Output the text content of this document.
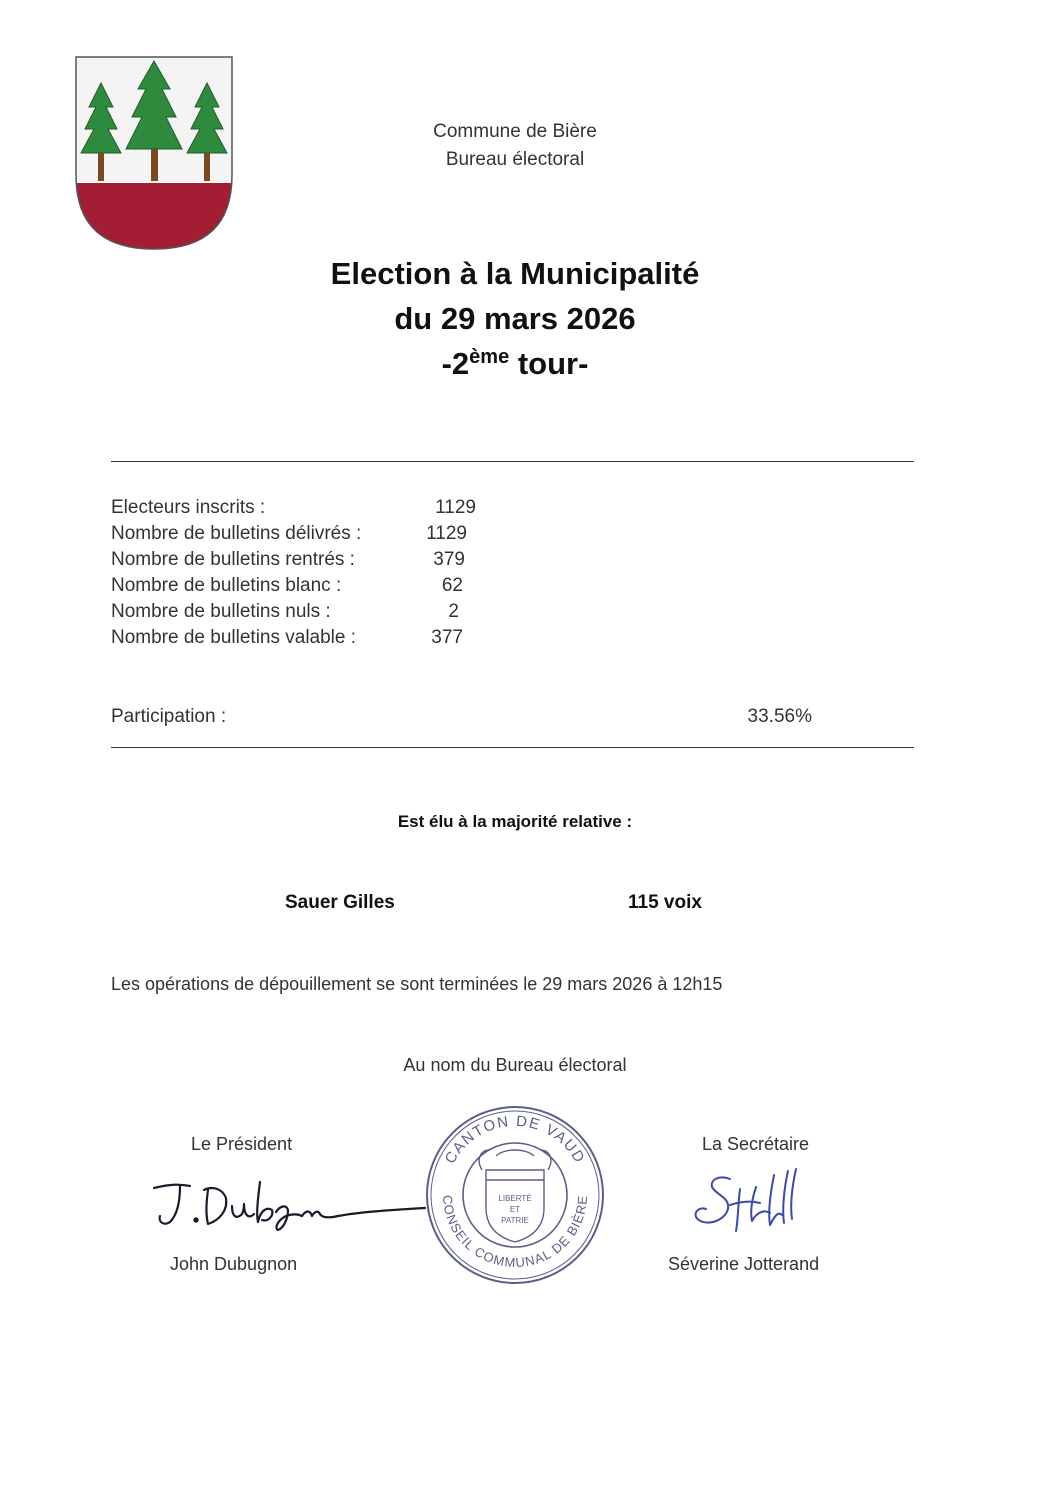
Commune de Bière
Bureau électoral
Election à la Municipalité
du 29 mars 2026
-2ème tour-
Electeurs inscrits :	1129
Nombre de bulletins délivrés :	1129
Nombre de bulletins rentrés :	379
Nombre de bulletins blanc :	62
Nombre de bulletins nuls :	2
Nombre de bulletins valable :	377
Participation :	33.56%
Est élu à la majorité relative :
Sauer Gilles	115 voix
Les opérations de dépouillement se sont terminées le 29 mars 2026 à 12h15
Au nom du Bureau électoral
Le Président	La Secrétaire
CANTON DE VAUD
CONSEIL COMMUNAL DE BIÈRE
LIBERTÉ
ET
PATRIE
John Dubugnon	Séverine Jotterand
